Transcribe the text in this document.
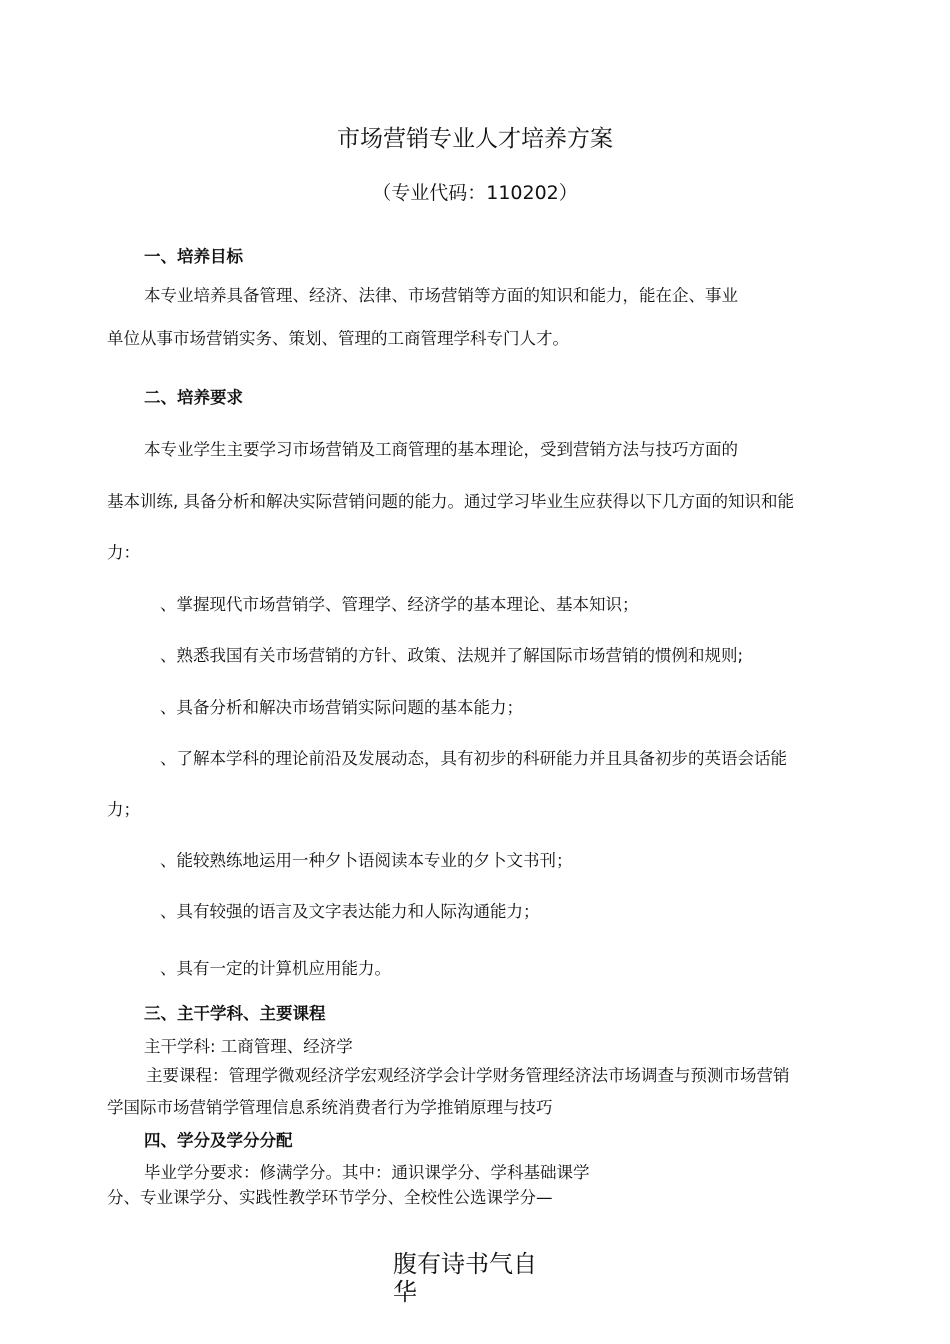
市场营销专业人才培养方案
（专业代码：110202）
一、培养目标
本专业培养具备管理、经济、法律、市场营销等方面的知识和能力，能在企、事业
单位从事市场营销实务、策划、管理的工商管理学科专门人才。
二、培养要求
本专业学生主要学习市场营销及工商管理的基本理论，受到营销方法与技巧方面的
基本训练, 具备分析和解决实际营销问题的能力。通过学习毕业生应获得以下几方面的知识和能
力：
、掌握现代市场营销学、管理学、经济学的基本理论、基本知识；
、熟悉我国有关市场营销的方针、政策、法规并了解国际市场营销的惯例和规则;
、具备分析和解决市场营销实际问题的基本能力；
、了解本学科的理论前沿及发展动态，具有初步的科研能力并且具备初步的英语会话能
力；
、能较熟练地运用一种夕卜语阅读本专业的夕卜文书刊；
、具有较强的语言及文字表达能力和人际沟通能力；
、具有一定的计算机应用能力。
三、主干学科、主要课程
主干学科: 工商管理、经济学
主要课程：管理学微观经济学宏观经济学会计学财务管理经济法市场调查与预测市场营销
学国际市场营销学管理信息系统消费者行为学推销原理与技巧
四、学分及学分分配
毕业学分要求：修满学分。其中：通识课学分、学科基础课学
分、专业课学分、实践性教学环节学分、全校性公选课学分—
腹有诗书气自华
